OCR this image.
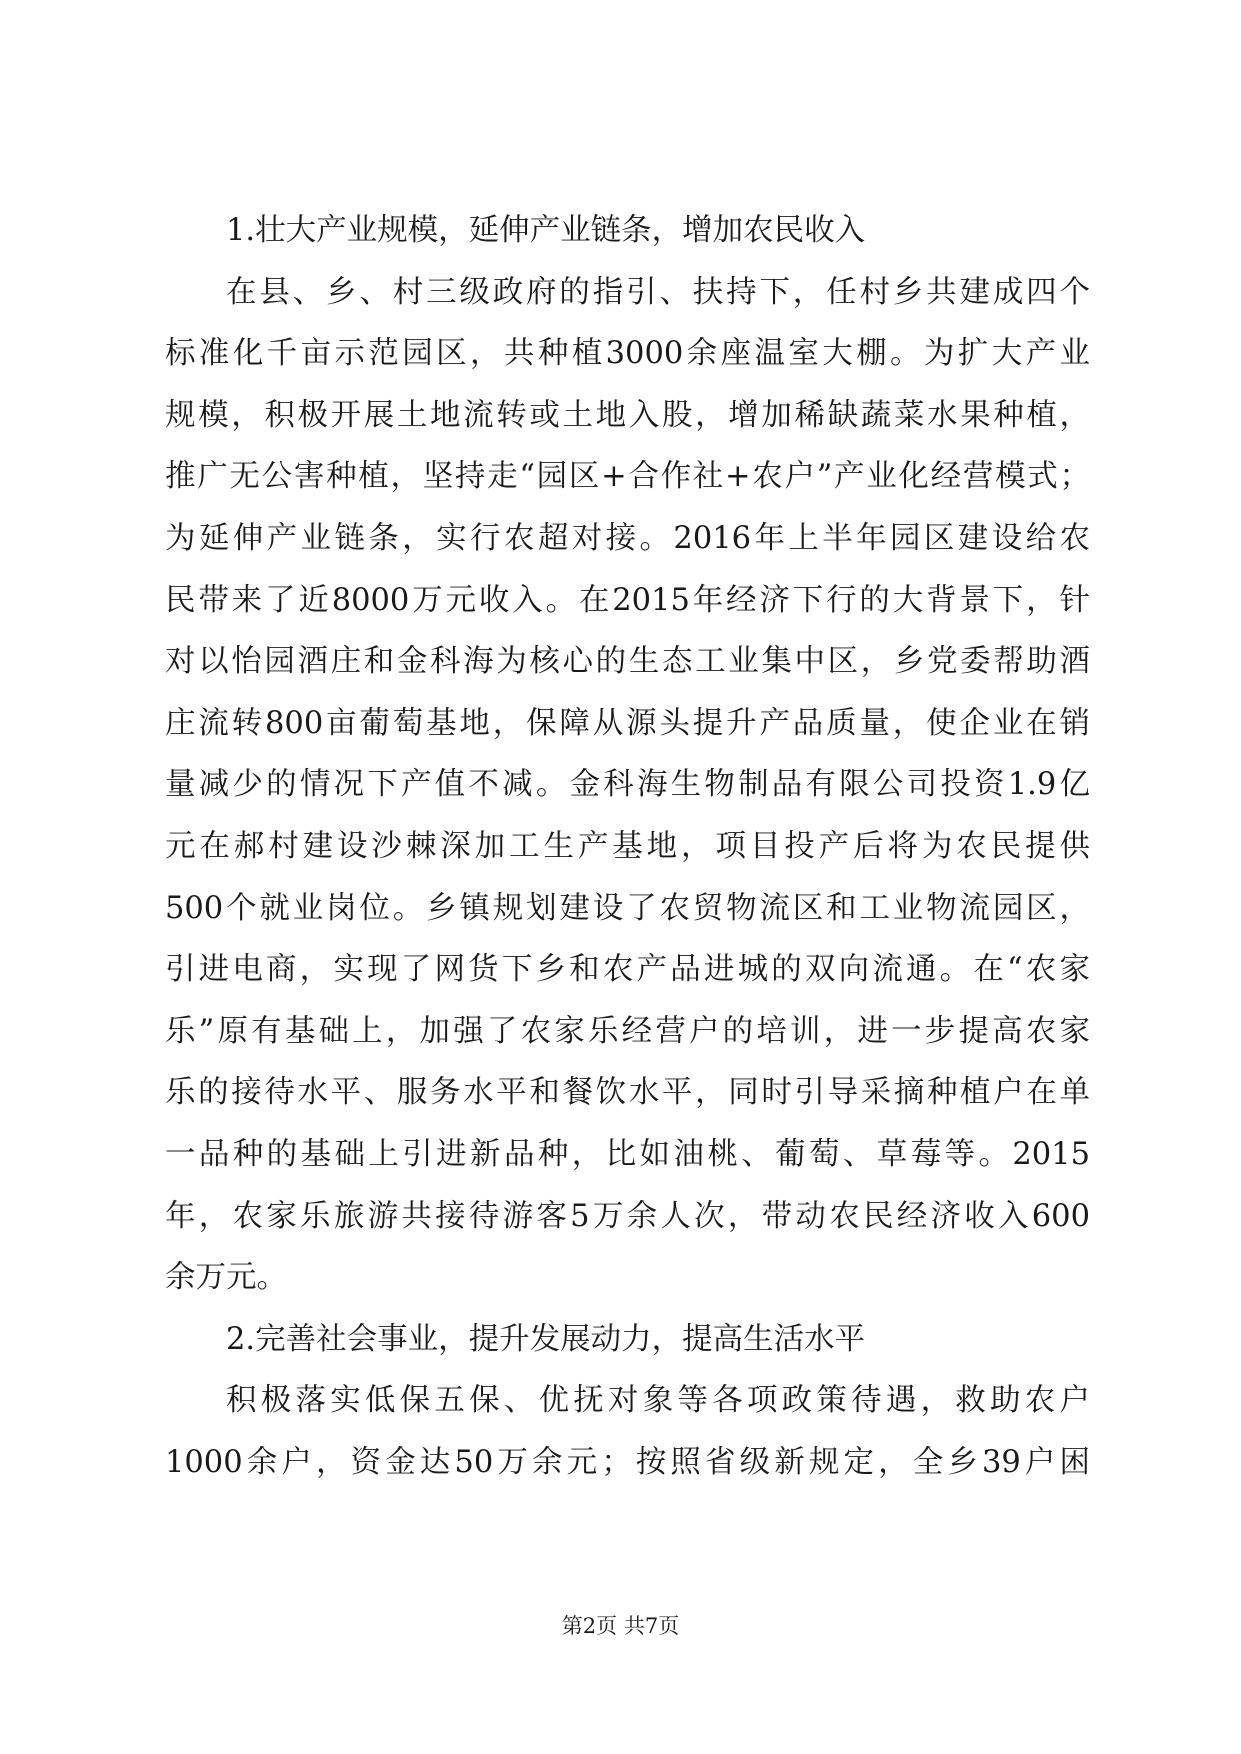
1.壮大产业规模，延伸产业链条，增加农民收入

在县、乡、村三级政府的指引、扶持下，任村乡共建成四个
标准化千亩示范园区，共种植3000余座温室大棚。为扩大产业
规模，积极开展土地流转或土地入股，增加稀缺蔬菜水果种植，
推广无公害种植，坚持走“园区+合作社+农户”产业化经营模式；
为延伸产业链条，实行农超对接。2016年上半年园区建设给农
民带来了近8000万元收入。在2015年经济下行的大背景下，针
对以怡园酒庄和金科海为核心的生态工业集中区，乡党委帮助酒
庄流转800亩葡萄基地，保障从源头提升产品质量，使企业在销
量减少的情况下产值不减。金科海生物制品有限公司投资1.9亿
元在郝村建设沙棘深加工生产基地，项目投产后将为农民提供
500个就业岗位。乡镇规划建设了农贸物流区和工业物流园区，
引进电商，实现了网货下乡和农产品进城的双向流通。在“农家
乐”原有基础上，加强了农家乐经营户的培训，进一步提高农家
乐的接待水平、服务水平和餐饮水平，同时引导采摘种植户在单
一品种的基础上引进新品种，比如油桃、葡萄、草莓等。2015
年，农家乐旅游共接待游客5万余人次，带动农民经济收入600
余万元。

2.完善社会事业，提升发展动力，提高生活水平

积极落实低保五保、优抚对象等各项政策待遇，救助农户
1000余户，资金达50万余元；按照省级新规定，全乡39户困
第2页 共7页
